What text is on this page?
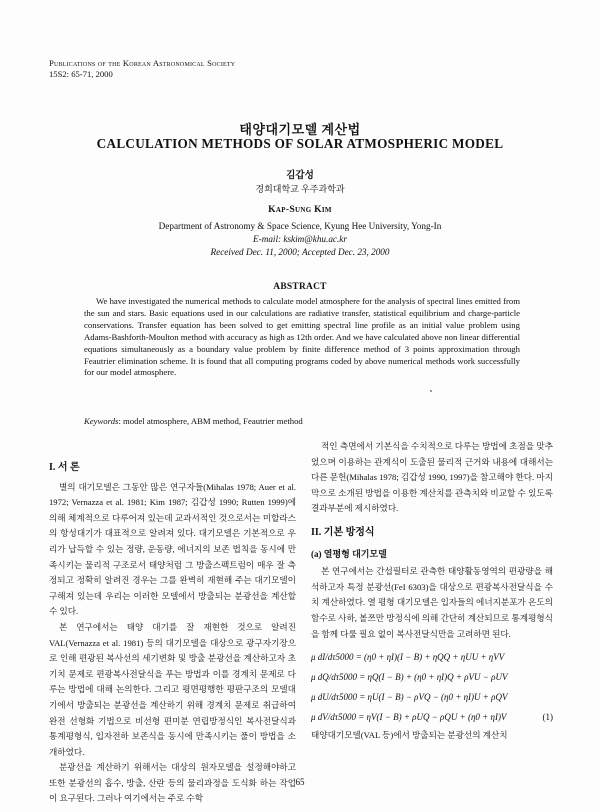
Publications of the Korean Astronomical Society
15S2: 65-71, 2000
태양대기모델 계산법
CALCULATION METHODS OF SOLAR ATMOSPHERIC MODEL
김갑성
경희대학교 우주과학과
Kap-Sung Kim
Department of Astronomy & Space Science, Kyung Hee University, Yong-In
E-mail: kskim@khu.ac.kr
Received Dec. 11, 2000; Accepted Dec. 23, 2000
ABSTRACT
We have investigated the numerical methods to calculate model atmosphere for the analysis of spectral lines emitted from the sun and stars. Basic equations used in our calculations are radiative transfer, statistical equilibrium and charge-particle conservations. Transfer equation has been solved to get emitting spectral line profile as an initial value problem using Adams-Bashforth-Moulton method with accuracy as high as 12th order. And we have calculated above non linear differential equations simultaneously as a boundary value problem by finite difference method of 3 points approximation through Feautrier elimination scheme. It is found that all computing programs coded by above numerical methods work successfully for our model atmosphere.
Keywords: model atmosphere, ABM method, Feautrier method
I. 서 론

별의 대기모델은 그동안 많은 연구자들(Mihalas 1978; Auer et al. 1972; Vernazza et al. 1981; Kim 1987; 김갑성 1990; Rutten 1999)에 의해 체계적으로 다루어져 있는데 교과서적인 것으로서는 미할라스의 항성대기가 대표적으로 알려져 있다. 대기모델은 기본적으로 우리가 납득할 수 있는 정량, 운동량, 에너지의 보존 법칙을 동시에 만족시키는 물리적 구조로서 태양처럼 그 방출스펙트럼이 매우 잘 측정되고 정확히 알려진 경우는 그를 완벽히 재현해 주는 대기모델이 구해져 있는데 우리는 이러한 모델에서 방출되는 분광선을 계산할 수 있다.

본 연구에서는 태양 대기를 잘 재현한 것으로 알려진 VAL(Vernazza et al. 1981) 등의 대기모델을 대상으로 광구자기장으로 인해 편광된 복사선의 세기변화 및 방출 분광선을 계산하고자 초기치 문제로 편광복사전달식을 푸는 방법과 이를 경계치 문제로 다루는 방법에 대해 논의한다. 그리고 평면평행한 평판구조의 모델대기에서 방출되는 분광선을 계산하기 위해 경계치 문제로 취급하여 완전 선형화 기법으로 비선형 편미분 연립방정식인 복사전달식과 통계평형식, 입자전하 보존식을 동시에 만족시키는 풀이 방법을 소개하였다.

분광선을 계산하기 위해서는 대상의 원자모델을 설정해야하고 또한 분광선의 흡수, 방출, 산란 등의 물리과정을 도식화 하는 작업이 요구된다. 그러나 여기에서는 주로 수학

적인 측면에서 기본식을 수치적으로 다루는 방법에 초점을 맞추었으며 이용하는 관계식이 도출된 물리적 근거와 내용에 대해서는 다른 문헌(Mihalas 1978; 김갑성 1990, 1997)을 참고해야 한다. 마지막으로 소개된 방법을 이용한 계산치를 관측치와 비교할 수 있도록 결과부분에 제시하였다.

II. 기본 방정식
(a) 열평형 대기모델

본 연구에서는 간섭필터로 관측한 태양활동영역의 편광량을 해석하고자 특정 분광선(FeI 6303)을 대상으로 편광복사전달식을 수치 계산하였다. 열 평형 대기모델은 입자들의 에너지분포가 온도의 함수로 사하, 볼쯔만 방정식에 의해 간단히 계산되므로 통계평형식을 함께 다룰 필요 없이 복사전달식만을 고려하면 된다.

μ dI/dτ5000 = (η0 + ηI)(I − B) + ηQQ + ηUU + ηVV
μ dQ/dτ5000 = ηQ(I − B) + (η0 + ηI)Q + ρVU − ρUV
μ dU/dτ5000 = ηU(I − B) − ρVQ − (η0 + ηI)U + ρQV
μ dV/dτ5000 = ηV(I − B) + ρUQ − ρQU + (η0 + ηI)V	(1)

태양대기모델(VAL 등)에서 방출되는 분광선의 계산치

65
